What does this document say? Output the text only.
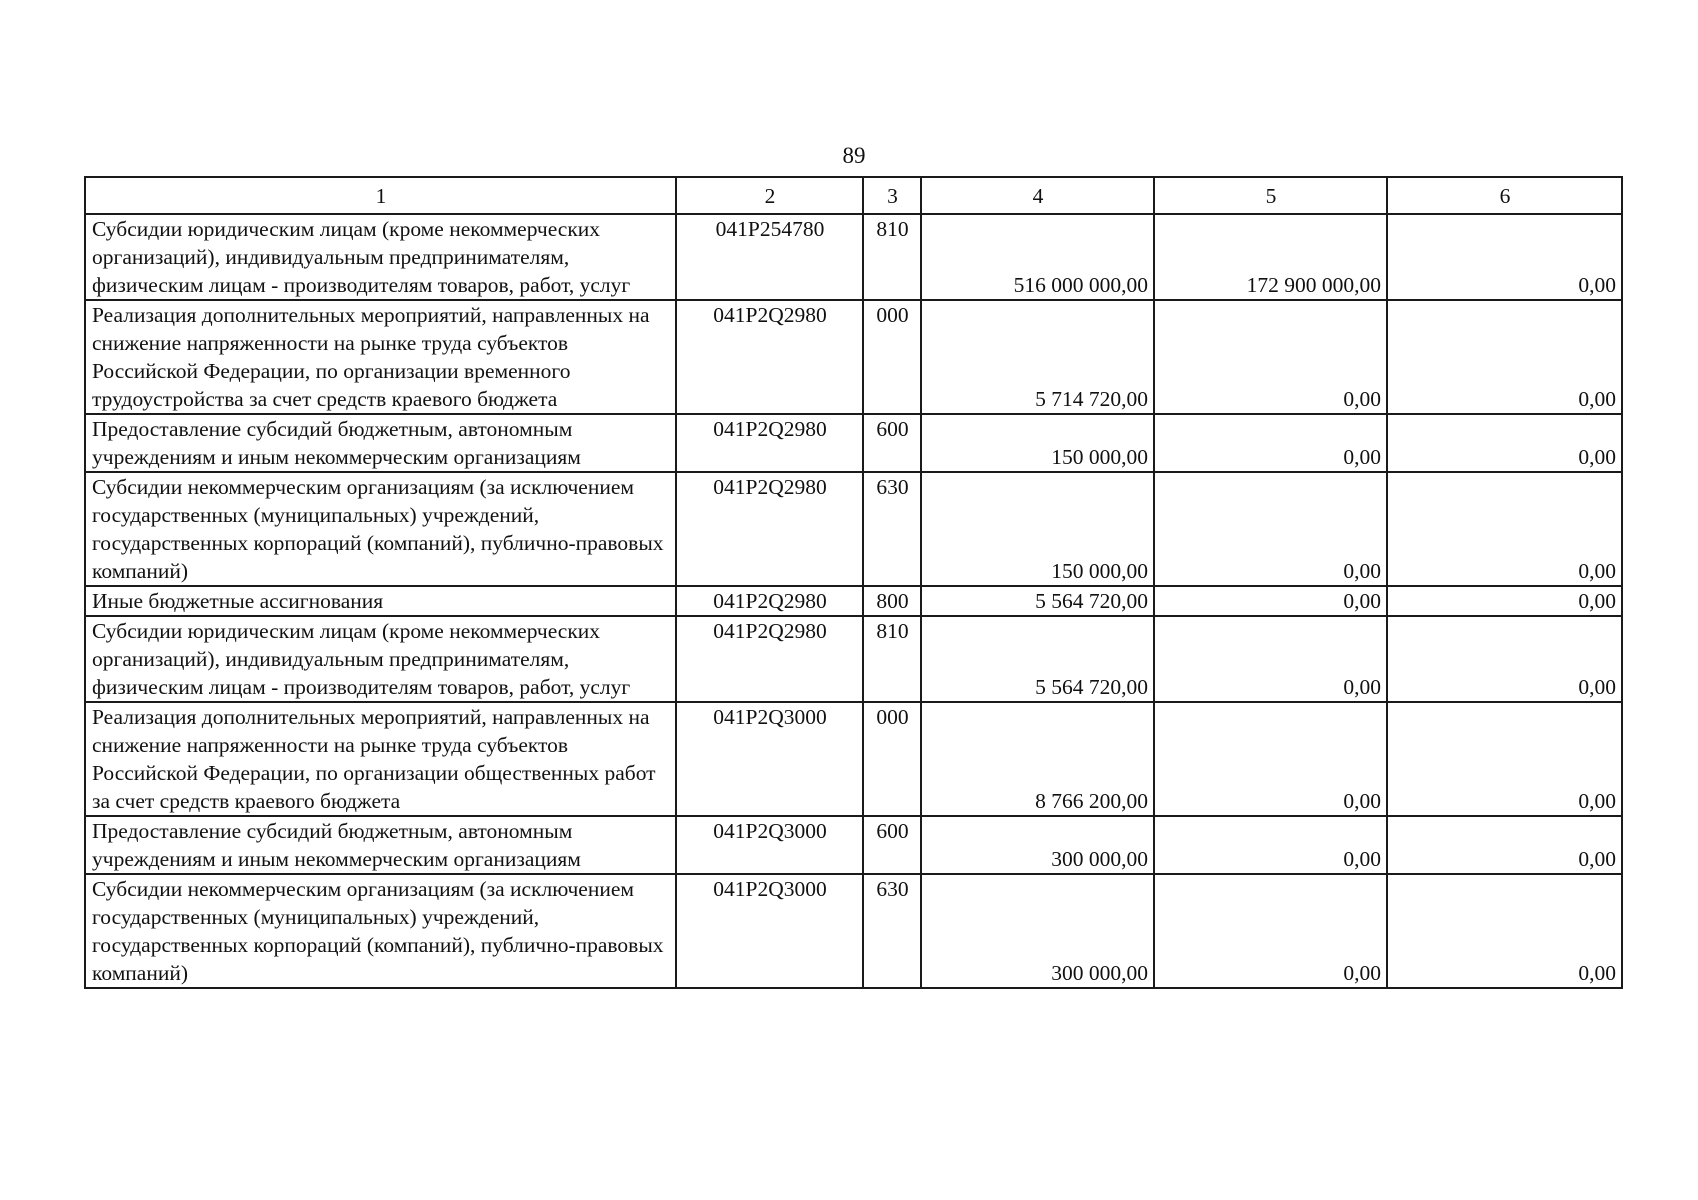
89
1	2	3	4	5	6
Субсидии юридическим лицам (кроме некоммерческих организаций), индивидуальным предпринимателям, физическим лицам - производителям товаров, работ, услуг	041P254780	810	516 000 000,00	172 900 000,00	0,00
Реализация дополнительных мероприятий, направленных на снижение напряженности на рынке труда субъектов Российской Федерации, по организации временного трудоустройства за счет средств краевого бюджета	041P2Q2980	000	5 714 720,00	0,00	0,00
Предоставление субсидий бюджетным, автономным учреждениям и иным некоммерческим организациям	041P2Q2980	600	150 000,00	0,00	0,00
Субсидии некоммерческим организациям (за исключением государственных (муниципальных) учреждений, государственных корпораций (компаний), публично-правовых компаний)	041P2Q2980	630	150 000,00	0,00	0,00
Иные бюджетные ассигнования	041P2Q2980	800	5 564 720,00	0,00	0,00
Субсидии юридическим лицам (кроме некоммерческих организаций), индивидуальным предпринимателям, физическим лицам - производителям товаров, работ, услуг	041P2Q2980	810	5 564 720,00	0,00	0,00
Реализация дополнительных мероприятий, направленных на снижение напряженности на рынке труда субъектов Российской Федерации, по организации общественных работ за счет средств краевого бюджета	041P2Q3000	000	8 766 200,00	0,00	0,00
Предоставление субсидий бюджетным, автономным учреждениям и иным некоммерческим организациям	041P2Q3000	600	300 000,00	0,00	0,00
Субсидии некоммерческим организациям (за исключением государственных (муниципальных) учреждений, государственных корпораций (компаний), публично-правовых компаний)	041P2Q3000	630	300 000,00	0,00	0,00
